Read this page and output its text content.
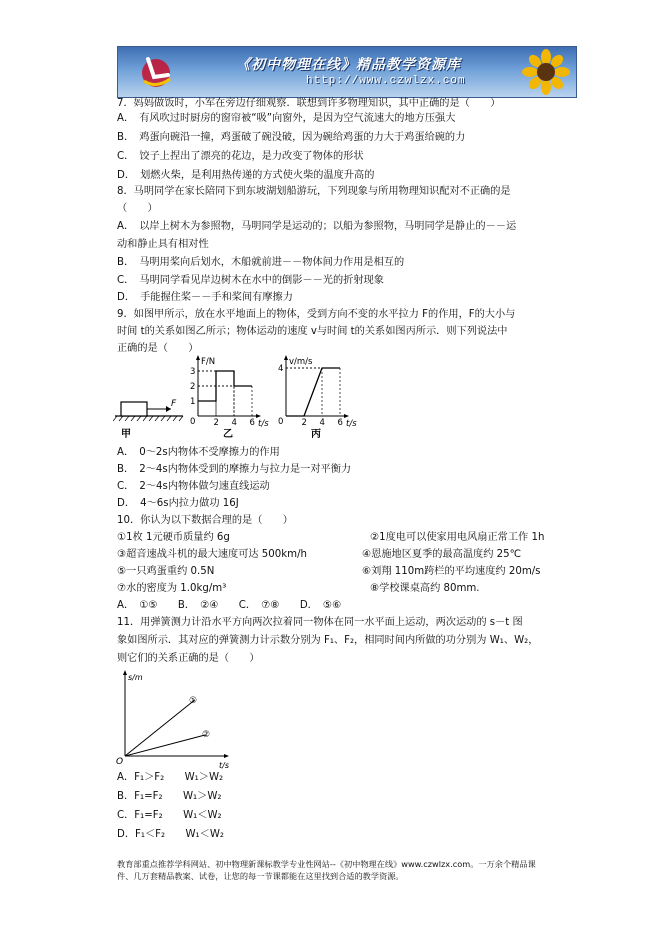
《初中物理在线》精品教学资源库
http://www.czwlzx.com
7．妈妈做饭时，小军在旁边仔细观察．联想到许多物理知识，其中正确的是（　　）
A．　有风吹过时厨房的窗帘被“吸”向窗外，是因为空气流速大的地方压强大
B．　鸡蛋向碗沿一撞，鸡蛋破了碗没破，因为碗给鸡蛋的力大于鸡蛋给碗的力
C．　饺子上捏出了漂亮的花边，是力改变了物体的形状
D．　划燃火柴，是利用热传递的方式使火柴的温度升高的
8．马明同学在家长陪同下到东坡湖划船游玩，下列现象与所用物理知识配对不正确的是
（　　）
A．　以岸上树木为参照物，马明同学是运动的；以船为参照物，马明同学是静止的－－运
动和静止具有相对性
B．　马明用桨向后划水，木船就前进－－物体间力作用是相互的
C．　马明同学看见岸边树木在水中的倒影－－光的折射现象
D．　手能握住桨－－手和桨间有摩擦力
9．如图甲所示，放在水平地面上的物体，受到方向不变的水平拉力 F的作用，F的大小与
时间 t的关系如图乙所示；物体运动的速度 v与时间 t的关系如图丙所示．则下列说法中
正确的是（　　）
F
甲
F/N
t/s
0 2 4 6
1
2
3
乙
v/m/s
t/s
0 2 4 6
4
丙
A．　0～2s内物体不受摩擦力的作用
B．　2～4s内物体受到的摩擦力与拉力是一对平衡力
C．　2～4s内物体做匀速直线运动
D．　4～6s内拉力做功 16J
10．你认为以下数据合理的是（　　）
①1枚 1元硬币质量约 6g	②1度电可以使家用电风扇正常工作 1h
③超音速战斗机的最大速度可达 500km/h	④恩施地区夏季的最高温度约 25℃
⑤一只鸡蛋重约 0.5N	⑥刘翔 110m跨栏的平均速度约 20m/s
⑦水的密度为 1.0kg/m³	⑧学校课桌高约 80mm.
A．　①⑤　　B．　②④　　C．　⑦⑧　　D．　⑤⑥
11．用弹簧测力计沿水平方向两次拉着同一物体在同一水平面上运动，两次运动的 s－t 图
象如图所示．其对应的弹簧测力计示数分别为 F₁、F₂，相同时间内所做的功分别为 W₁、W₂，
则它们的关系正确的是（　　）
s/m
t/s
O
①
②
A．F₁＞F₂　　W₁＞W₂
B．F₁=F₂　　W₁＞W₂
C．F₁=F₂　　W₁＜W₂
D．F₁＜F₂　　W₁＜W₂
教育部重点推荐学科网站、初中物理新课标教学专业性网站--《初中物理在线》www.czwlzx.com。一万余个精品课件、几万套精品教案、试卷，让您的每一节课都能在这里找到合适的教学资源。
